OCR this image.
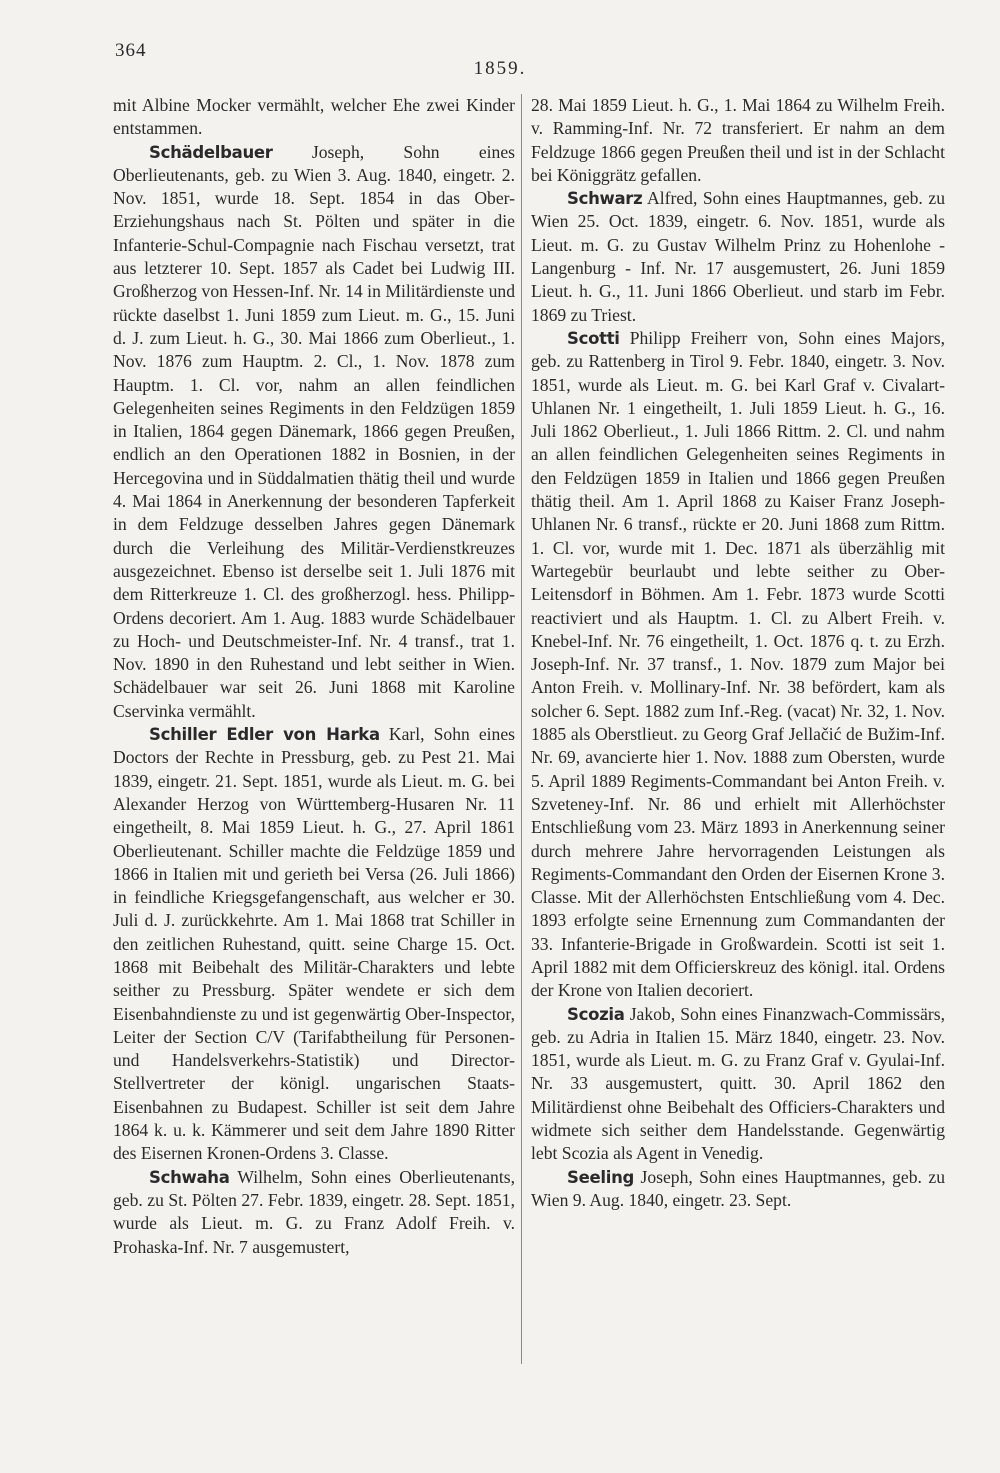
364
1859.

mit Albine Mocker vermählt, welcher Ehe zwei Kinder entstammen.

Schädelbauer Joseph, Sohn eines Oberlieutenants, geb. zu Wien 3. Aug. 1840, eingetr. 2. Nov. 1851, wurde 18. Sept. 1854 in das Ober-Erziehungshaus nach St. Pölten und später in die Infanterie-Schul-Compagnie nach Fischau versetzt, trat aus letzterer 10. Sept. 1857 als Cadet bei Ludwig III. Großherzog von Hessen-Inf. Nr. 14 in Militärdienste und rückte daselbst 1. Juni 1859 zum Lieut. m. G., 15. Juni d. J. zum Lieut. h. G., 30. Mai 1866 zum Oberlieut., 1. Nov. 1876 zum Hauptm. 2. Cl., 1. Nov. 1878 zum Hauptm. 1. Cl. vor, nahm an allen feindlichen Gelegenheiten seines Regiments in den Feldzügen 1859 in Italien, 1864 gegen Dänemark, 1866 gegen Preußen, endlich an den Operationen 1882 in Bosnien, in der Hercegovina und in Süddalmatien thätig theil und wurde 4. Mai 1864 in Anerkennung der besonderen Tapferkeit in dem Feldzuge desselben Jahres gegen Dänemark durch die Verleihung des Militär-Verdienstkreuzes ausgezeichnet. Ebenso ist derselbe seit 1. Juli 1876 mit dem Ritterkreuze 1. Cl. des großherzogl. hess. Philipp-Ordens decoriert. Am 1. Aug. 1883 wurde Schädelbauer zu Hoch- und Deutschmeister-Inf. Nr. 4 transf., trat 1. Nov. 1890 in den Ruhestand und lebt seither in Wien. Schädelbauer war seit 26. Juni 1868 mit Karoline Cservinka vermählt.

Schiller Edler von Harka Karl, Sohn eines Doctors der Rechte in Pressburg, geb. zu Pest 21. Mai 1839, eingetr. 21. Sept. 1851, wurde als Lieut. m. G. bei Alexander Herzog von Württemberg-Husaren Nr. 11 eingetheilt, 8. Mai 1859 Lieut. h. G., 27. April 1861 Oberlieutenant. Schiller machte die Feldzüge 1859 und 1866 in Italien mit und gerieth bei Versa (26. Juli 1866) in feindliche Kriegsgefangenschaft, aus welcher er 30. Juli d. J. zurückkehrte. Am 1. Mai 1868 trat Schiller in den zeitlichen Ruhestand, quitt. seine Charge 15. Oct. 1868 mit Beibehalt des Militär-Charakters und lebte seither zu Pressburg. Später wendete er sich dem Eisenbahndienste zu und ist gegenwärtig Ober-Inspector, Leiter der Section C/V (Tarifabtheilung für Personen- und Handelsverkehrs-Statistik) und Director-Stellvertreter der königl. ungarischen Staats-Eisenbahnen zu Budapest. Schiller ist seit dem Jahre 1864 k. u. k. Kämmerer und seit dem Jahre 1890 Ritter des Eisernen Kronen-Ordens 3. Classe.

Schwaha Wilhelm, Sohn eines Oberlieutenants, geb. zu St. Pölten 27. Febr. 1839, eingetr. 28. Sept. 1851, wurde als Lieut. m. G. zu Franz Adolf Freih. v. Prohaska-Inf. Nr. 7 ausgemustert,

28. Mai 1859 Lieut. h. G., 1. Mai 1864 zu Wilhelm Freih. v. Ramming-Inf. Nr. 72 transferiert. Er nahm an dem Feldzuge 1866 gegen Preußen theil und ist in der Schlacht bei Königgrätz gefallen.

Schwarz Alfred, Sohn eines Hauptmannes, geb. zu Wien 25. Oct. 1839, eingetr. 6. Nov. 1851, wurde als Lieut. m. G. zu Gustav Wilhelm Prinz zu Hohenlohe - Langenburg - Inf. Nr. 17 ausgemustert, 26. Juni 1859 Lieut. h. G., 11. Juni 1866 Oberlieut. und starb im Febr. 1869 zu Triest.

Scotti Philipp Freiherr von, Sohn eines Majors, geb. zu Rattenberg in Tirol 9. Febr. 1840, eingetr. 3. Nov. 1851, wurde als Lieut. m. G. bei Karl Graf v. Civalart-Uhlanen Nr. 1 eingetheilt, 1. Juli 1859 Lieut. h. G., 16. Juli 1862 Oberlieut., 1. Juli 1866 Rittm. 2. Cl. und nahm an allen feindlichen Gelegenheiten seines Regiments in den Feldzügen 1859 in Italien und 1866 gegen Preußen thätig theil. Am 1. April 1868 zu Kaiser Franz Joseph-Uhlanen Nr. 6 transf., rückte er 20. Juni 1868 zum Rittm. 1. Cl. vor, wurde mit 1. Dec. 1871 als überzählig mit Wartegebür beurlaubt und lebte seither zu Ober-Leitensdorf in Böhmen. Am 1. Febr. 1873 wurde Scotti reactiviert und als Hauptm. 1. Cl. zu Albert Freih. v. Knebel-Inf. Nr. 76 eingetheilt, 1. Oct. 1876 q. t. zu Erzh. Joseph-Inf. Nr. 37 transf., 1. Nov. 1879 zum Major bei Anton Freih. v. Mollinary-Inf. Nr. 38 befördert, kam als solcher 6. Sept. 1882 zum Inf.-Reg. (vacat) Nr. 32, 1. Nov. 1885 als Oberstlieut. zu Georg Graf Jellačić de Bužim-Inf. Nr. 69, avancierte hier 1. Nov. 1888 zum Obersten, wurde 5. April 1889 Regiments-Commandant bei Anton Freih. v. Szveteney-Inf. Nr. 86 und erhielt mit Allerhöchster Entschließung vom 23. März 1893 in Anerkennung seiner durch mehrere Jahre hervorragenden Leistungen als Regiments-Commandant den Orden der Eisernen Krone 3. Classe. Mit der Allerhöchsten Entschließung vom 4. Dec. 1893 erfolgte seine Ernennung zum Commandanten der 33. Infanterie-Brigade in Großwardein. Scotti ist seit 1. April 1882 mit dem Officierskreuz des königl. ital. Ordens der Krone von Italien decoriert.

Scozia Jakob, Sohn eines Finanzwach-Commissärs, geb. zu Adria in Italien 15. März 1840, eingetr. 23. Nov. 1851, wurde als Lieut. m. G. zu Franz Graf v. Gyulai-Inf. Nr. 33 ausgemustert, quitt. 30. April 1862 den Militärdienst ohne Beibehalt des Officiers-Charakters und widmete sich seither dem Handelsstande. Gegenwärtig lebt Scozia als Agent in Venedig.

Seeling Joseph, Sohn eines Hauptmannes, geb. zu Wien 9. Aug. 1840, eingetr. 23. Sept.
